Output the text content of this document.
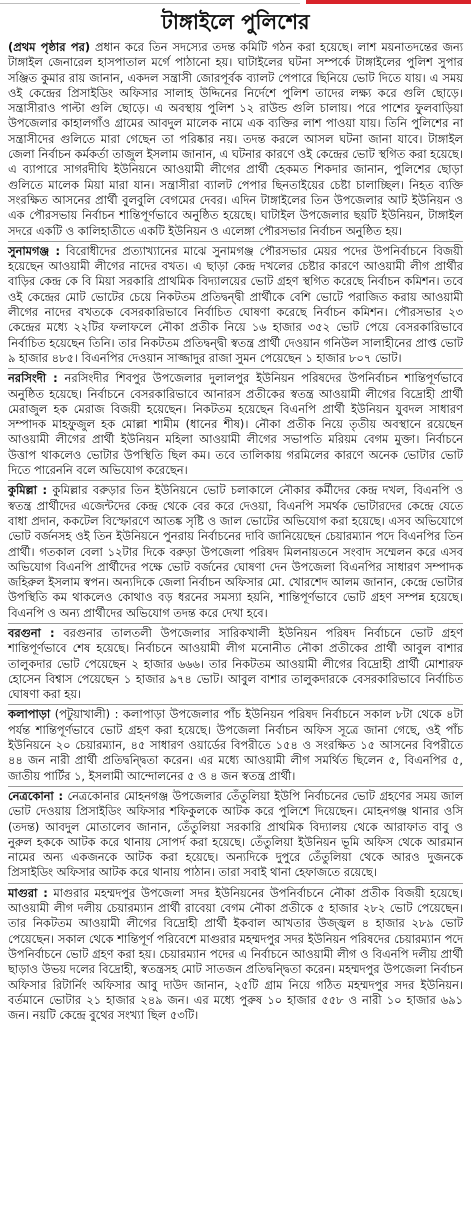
টাঙ্গাইলে পুলিশের

(প্রথম পৃষ্ঠার পর) প্রধান করে তিন সদস্যের তদন্ত কমিটি গঠন করা হয়েছে। লাশ ময়নাতদন্তের জন্য টাঙ্গাইল জেনারেল হাসপাতাল মর্গে পাঠানো হয়। ঘাটাইলের ঘটনা সম্পর্কে টাঙ্গাইলের পুলিশ সুপার সঞ্জিত কুমার রায় জানান, একদল সন্ত্রাসী জোরপূর্বক ব্যালট পেপারে ছিনিয়ে ভোট দিতে যায়। এ সময় ওই কেন্দ্রের প্রিসাইডিং অফিসার সালাহ উদ্দিনের নির্দেশে পুলিশ তাদের লক্ষ্য করে গুলি ছোড়ে। সন্ত্রাসীরাও পাল্টা গুলি ছোড়ে। এ অবস্থায় পুলিশ ১২ রাউন্ড গুলি চালায়। পরে পাশের ফুলবাড়িয়া উপজেলার কাহালগাঁও গ্রামের আবদুল মালেক নামে এক ব্যক্তির লাশ পাওয়া যায়। তিনি পুলিশের না সন্ত্রাসীদের গুলিতে মারা গেছেন তা পরিষ্কার নয়। তদন্ত করলে আসল ঘটনা জানা যাবে। টাঙ্গাইল জেলা নির্বাচন কর্মকর্তা তাজুল ইসলাম জানান, এ ঘটনার কারণে ওই কেন্দ্রের ভোট স্থগিত করা হয়েছে। এ ব্যাপারে সাগরদীঘি ইউনিয়নে আওয়ামী লীগের প্রার্থী হেকমত শিকদার জানান, পুলিশের ছোড়া গুলিতে মালেক মিয়া মারা যান। সন্ত্রাসীরা ব্যালট পেপার ছিনতাইয়ের চেষ্টা চালাচ্ছিল। নিহত ব্যক্তি সংরক্ষিত আসনের প্রার্থী বুলবুলি বেগমের দেবর। এদিন টাঙ্গাইলের তিন উপজেলার আট ইউনিয়ন ও এক পৌরসভায় নির্বাচন শান্তিপূর্ণভাবে অনুষ্ঠিত হয়েছে। ঘাটাইল উপজেলার ছয়টি ইউনিয়ন, টাঙ্গাইল সদরে একটি ও কালিহাতীতে একটি ইউনিয়ন ও এলেঙ্গা পৌরসভার নির্বাচন অনুষ্ঠিত হয়।

সুনামগঞ্জ : বিরোধীদের প্রত্যাখ্যানের মাঝে সুনামগঞ্জ পৌরসভার মেয়র পদের উপনির্বাচনে বিজয়ী হয়েছেন আওয়ামী লীগের নাদের বখত। এ ছাড়া কেন্দ্র দখলের চেষ্টার কারণে আওয়ামী লীগ প্রার্থীর বাড়ির কেন্দ্র কে বি মিয়া সরকারি প্রাথমিক বিদ্যালয়ের ভোট গ্রহণ স্থগিত করেছে নির্বাচন কমিশন। তবে ওই কেন্দ্রের মোট ভোটের চেয়ে নিকটতম প্রতিদ্বন্দ্বী প্রার্থীকে বেশি ভোটে পরাজিত করায় আওয়ামী লীগের নাদের বখতকে বেসরকারিভাবে নির্বাচিত ঘোষণা করেছে নির্বাচন কমিশন। পৌরসভার ২৩ কেন্দ্রের মধ্যে ২২টির ফলাফলে নৌকা প্রতীক নিয়ে ১৬ হাজার ৩৫২ ভোট পেয়ে বেসরকারিভাবে নির্বাচিত হয়েছেন তিনি। তার নিকটতম প্রতিদ্বন্দ্বী স্বতন্ত্র প্রার্থী দেওয়ান গনিউল সালাহীনের প্রাপ্ত ভোট ৯ হাজার ৪৮৫। বিএনপির দেওয়ান সাজ্জাদুর রাজা সুমন পেয়েছেন ১ হাজার ৮০৭ ভোট।

নরসিংদী : নরসিংদীর শিবপুর উপজেলার দুলালপুর ইউনিয়ন পরিষদের উপনির্বাচন শান্তিপূর্ণভাবে অনুষ্ঠিত হয়েছে। নির্বাচনে বেসরকারিভাবে আনারস প্রতীকের স্বতন্ত্র আওয়ামী লীগের বিদ্রোহী প্রার্থী মেরাজুল হক মেরাজ বিজয়ী হয়েছেন। নিকটতম হয়েছেন বিএনপি প্রার্থী ইউনিয়ন যুবদল সাধারণ সম্পাদক মাহফুজুল হক মোল্লা শামীম (ধানের শীষ)। নৌকা প্রতীক নিয়ে তৃতীয় অবস্থানে রয়েছেন আওয়ামী লীগের প্রার্থী ইউনিয়ন মহিলা আওয়ামী লীগের সভাপতি মরিয়ম বেগম মুক্তা। নির্বাচনে উত্তাপ থাকলেও ভোটার উপস্থিতি ছিল কম। তবে তালিকায় গরমিলের কারণে অনেক ভোটার ভোট দিতে পারেননি বলে অভিযোগ করেছেন।

কুমিল্লা : কুমিল্লার বরুড়ার তিন ইউনিয়নে ভোট চলাকালে নৌকার কর্মীদের কেন্দ্র দখল, বিএনপি ও স্বতন্ত্র প্রার্থীদের এজেন্টদের কেন্দ্র থেকে বের করে দেওয়া, বিএনপি সমর্থক ভোটারদের কেন্দ্রে যেতে বাধা প্রদান, ককটেল বিস্ফোরণে আতঙ্ক সৃষ্টি ও জাল ভোটের অভিযোগ করা হয়েছে। এসব অভিযোগে ভোট বর্জনসহ ওই তিন ইউনিয়নে পুনরায় নির্বাচনের দাবি জানিয়েছেন চেয়ারম্যান পদে বিএনপির তিন প্রার্থী। গতকাল বেলা ১২টার দিকে বরুড়া উপজেলা পরিষদ মিলনায়তনে সংবাদ সম্মেলন করে এসব অভিযোগ বিএনপি প্রার্থীদের পক্ষে ভোট বর্জনের ঘোষণা দেন উপজেলা বিএনপির সাধারণ সম্পাদক জহিরুল ইসলাম স্বপন। অন্যদিকে জেলা নির্বাচন অফিসার মো. খোরশেদ আলম জানান, কেন্দ্রে ভোটার উপস্থিতি কম থাকলেও কোথাও বড় ধরনের সমস্যা হয়নি, শান্তিপূর্ণভাবে ভোট গ্রহণ সম্পন্ন হয়েছে। বিএনপি ও অন্য প্রার্থীদের অভিযোগ তদন্ত করে দেখা হবে।

বরগুনা : বরগুনার তালতলী উপজেলার সারিকখালী ইউনিয়ন পরিষদ নির্বাচনে ভোট গ্রহণ শান্তিপূর্ণভাবে শেষ হয়েছে। নির্বাচনে আওয়ামী লীগ মনোনীত নৌকা প্রতীকের প্রার্থী আবুল বাশার তালুকদার ভোট পেয়েছেন ২ হাজার ৬৬৬। তার নিকটতম আওয়ামী লীগের বিদ্রোহী প্রার্থী মোশারফ হোসেন বিশ্বাস পেয়েছেন ১ হাজার ৯৭৪ ভোট। আবুল বাশার তালুকদারকে বেসরকারিভাবে নির্বাচিত ঘোষণা করা হয়।

কলাপাড়া (পটুয়াখালী) : কলাপাড়া উপজেলার পাঁচ ইউনিয়ন পরিষদ নির্বাচনে সকাল ৮টা থেকে ৪টা পর্যন্ত শান্তিপূর্ণভাবে ভোট গ্রহণ করা হয়েছে। উপজেলা নির্বাচন অফিস সূত্রে জানা গেছে, ওই পাঁচ ইউনিয়নে ২০ চেয়ারম্যান, ৪৫ সাধারণ ওয়ার্ডের বিপরীতে ১৫৪ ও সংরক্ষিত ১৫ আসনের বিপরীতে ৪৪ জন নারী প্রার্থী প্রতিদ্বন্দ্বিতা করেন। এর মধ্যে আওয়ামী লীগ সমর্থিত ছিলেন ৫, বিএনপির ৫, জাতীয় পার্টির ১, ইসলামী আন্দোলনের ৫ ও ৪ জন স্বতন্ত্র প্রার্থী।

নেত্রকোনা : নেত্রকোনার মোহনগঞ্জ উপজেলার তেঁতুলিয়া ইউপি নির্বাচনের ভোট গ্রহণের সময় জাল ভোট দেওয়ায় প্রিসাইডিং অফিসার শফিকুলকে আটক করে পুলিশে দিয়েছেন। মোহনগঞ্জ থানার ওসি (তদন্ত) আবদুল মোতালেব জানান, তেঁতুলিয়া সরকারি প্রাথমিক বিদ্যালয় থেকে আরাফাত বাবু ও নুরুল হককে আটক করে থানায় সোপর্দ করা হয়েছে। তেঁতুলিয়া ইউনিয়ন ভূমি অফিস থেকে আরমান নামের অন্য একজনকে আটক করা হয়েছে। অন্যদিকে দুপুরে তেঁতুলিয়া থেকে আরও দুজনকে প্রিসাইডিং অফিসার আটক করে থানায় পাঠান। তারা সবাই থানা হেফাজতে রয়েছে।

মাগুরা : মাগুরার মহম্মদপুর উপজেলা সদর ইউনিয়নের উপনির্বাচনে নৌকা প্রতীক বিজয়ী হয়েছে। আওয়ামী লীগ দলীয় চেয়ারম্যান প্রার্থী রাবেয়া বেগম নৌকা প্রতীকে ৫ হাজার ২৮২ ভোট পেয়েছেন। তার নিকটতম আওয়ামী লীগের বিদ্রোহী প্রার্থী ইকবাল আখতার উজ্জ্বল ৪ হাজার ২৮৯ ভোট পেয়েছেন। সকাল থেকে শান্তিপূর্ণ পরিবেশে মাগুরার মহম্মদপুর সদর ইউনিয়ন পরিষদের চেয়ারম্যান পদে উপনির্বাচনে ভোট গ্রহণ করা হয়। চেয়ারম্যান পদের এ নির্বাচনে আওয়ামী লীগ ও বিএনপি দলীয় প্রার্থী ছাড়াও উভয় দলের বিদ্রোহী, স্বতন্ত্রসহ মোট সাতজন প্রতিদ্বন্দ্বিতা করেন। মহম্মদপুর উপজেলা নির্বাচন অফিসার রিটার্নিং অফিসার আবু দাউদ জানান, ২৫টি গ্রাম নিয়ে গঠিত মহম্মদপুর সদর ইউনিয়ন। বর্তমানে ভোটার ২১ হাজার ২৪৯ জন। এর মধ্যে পুরুষ ১০ হাজার ৫৫৮ ও নারী ১০ হাজার ৬৯১ জন। নয়টি কেন্দ্রে বুথের সংখ্যা ছিল ৫৩টি।
